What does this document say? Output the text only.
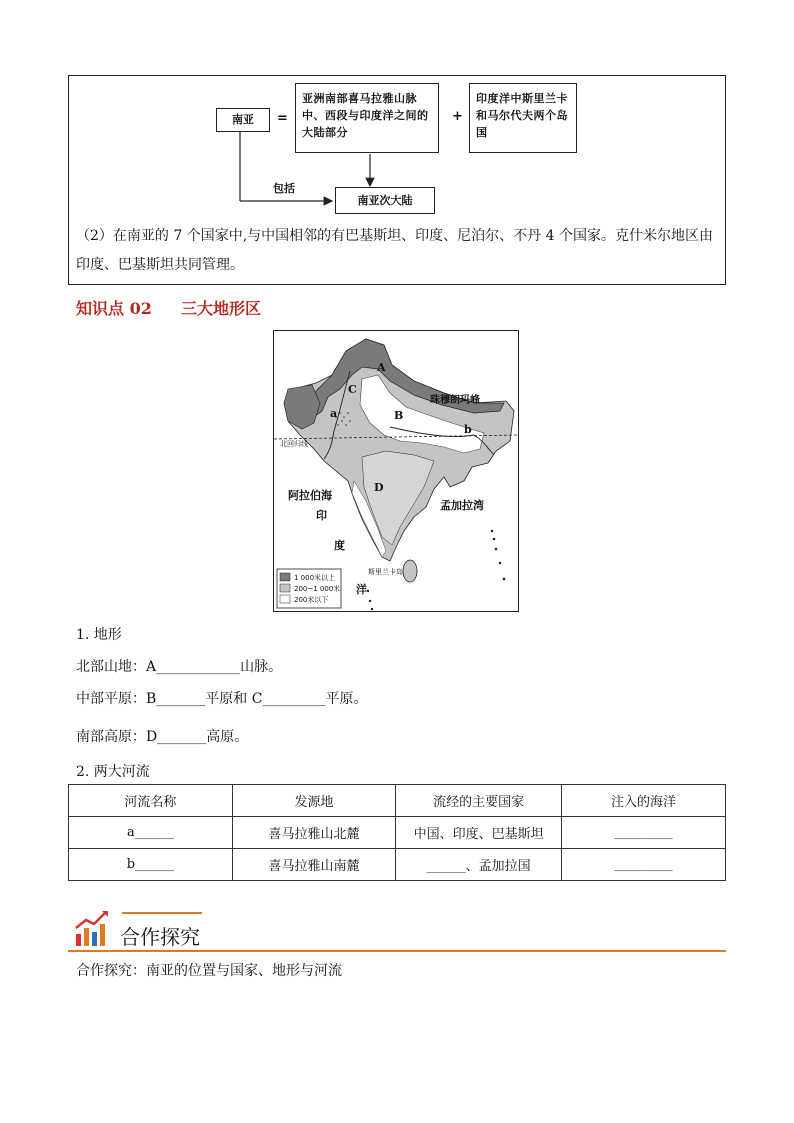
南亚	=
亚洲南部喜马拉雅山脉中、西段与印度洋之间的大陆部分
+
印度洋中斯里兰卡和马尔代夫两个岛国
包括
南亚次大陆
（2）在南亚的 7 个国家中,与中国相邻的有巴基斯坦、印度、尼泊尔、不丹 4 个国家。克什米尔地区由印度、巴基斯坦共同管理。
知识点 02 三大地形区
A
C
B
a
b
D
珠穆朗玛峰
北回归线
阿拉伯海
孟加拉湾
印
度
洋
斯里兰卡岛
1 000米以上
200~1 000米
200米以下
1. 地形
北部山地：A____________山脉。
中部平原：B_______平原和 C_________平原。
南部高原：D_______高原。
2. 两大河流
河流名称	发源地	流经的主要国家	注入的海洋
a______	喜马拉雅山北麓	中国、印度、巴基斯坦	_________
b______	喜马拉雅山南麓	______、孟加拉国	_________
合作探究
合作探究：南亚的位置与国家、地形与河流
